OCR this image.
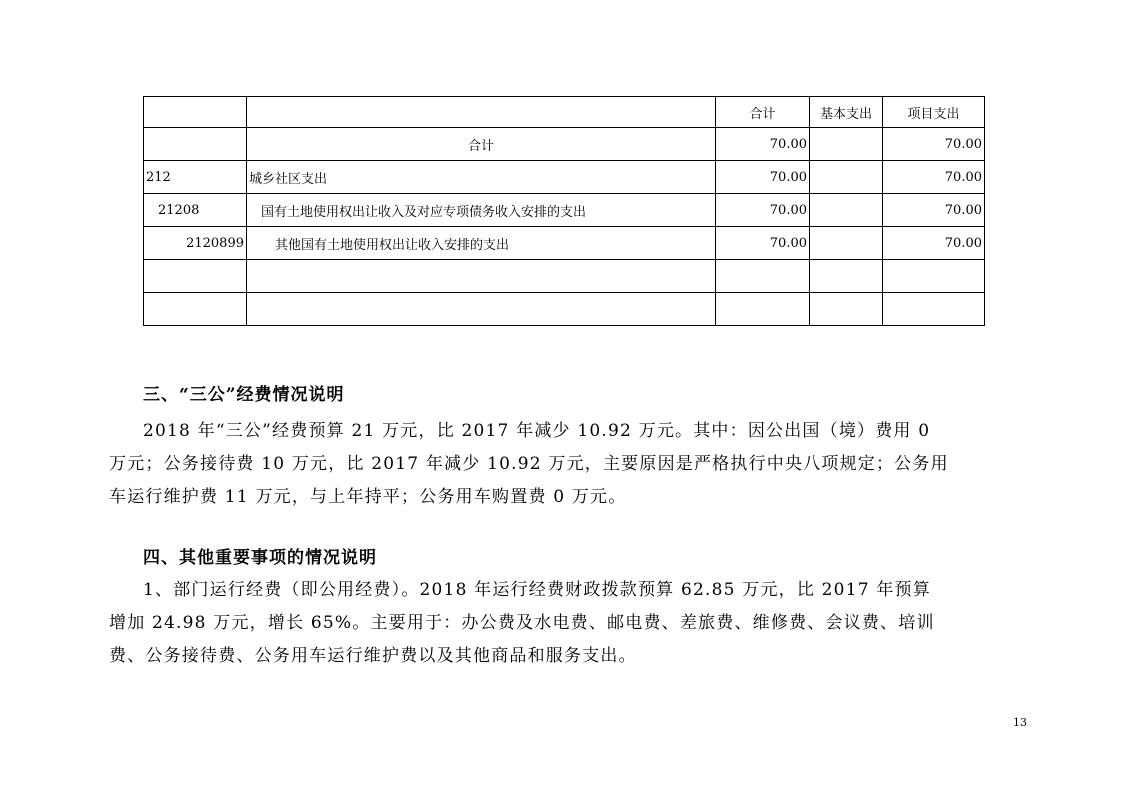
		合计	基本支出	项目支出
	合计	70.00		70.00
212	城乡社区支出	70.00		70.00
21208	国有土地使用权出让收入及对应专项债务收入安排的支出	70.00		70.00
2120899	其他国有土地使用权出让收入安排的支出	70.00		70.00

三、“三公”经费情况说明
2018 年“三公”经费预算 21 万元，比 2017 年减少 10.92 万元。其中：因公出国（境）费用 0
万元；公务接待费 10 万元，比 2017 年减少 10.92 万元，主要原因是严格执行中央八项规定；公务用
车运行维护费 11 万元，与上年持平；公务用车购置费 0 万元。
四、其他重要事项的情况说明
1、部门运行经费（即公用经费）。2018 年运行经费财政拨款预算 62.85 万元，比 2017 年预算
增加 24.98 万元，增长 65%。主要用于：办公费及水电费、邮电费、差旅费、维修费、会议费、培训
费、公务接待费、公务用车运行维护费以及其他商品和服务支出。
13
